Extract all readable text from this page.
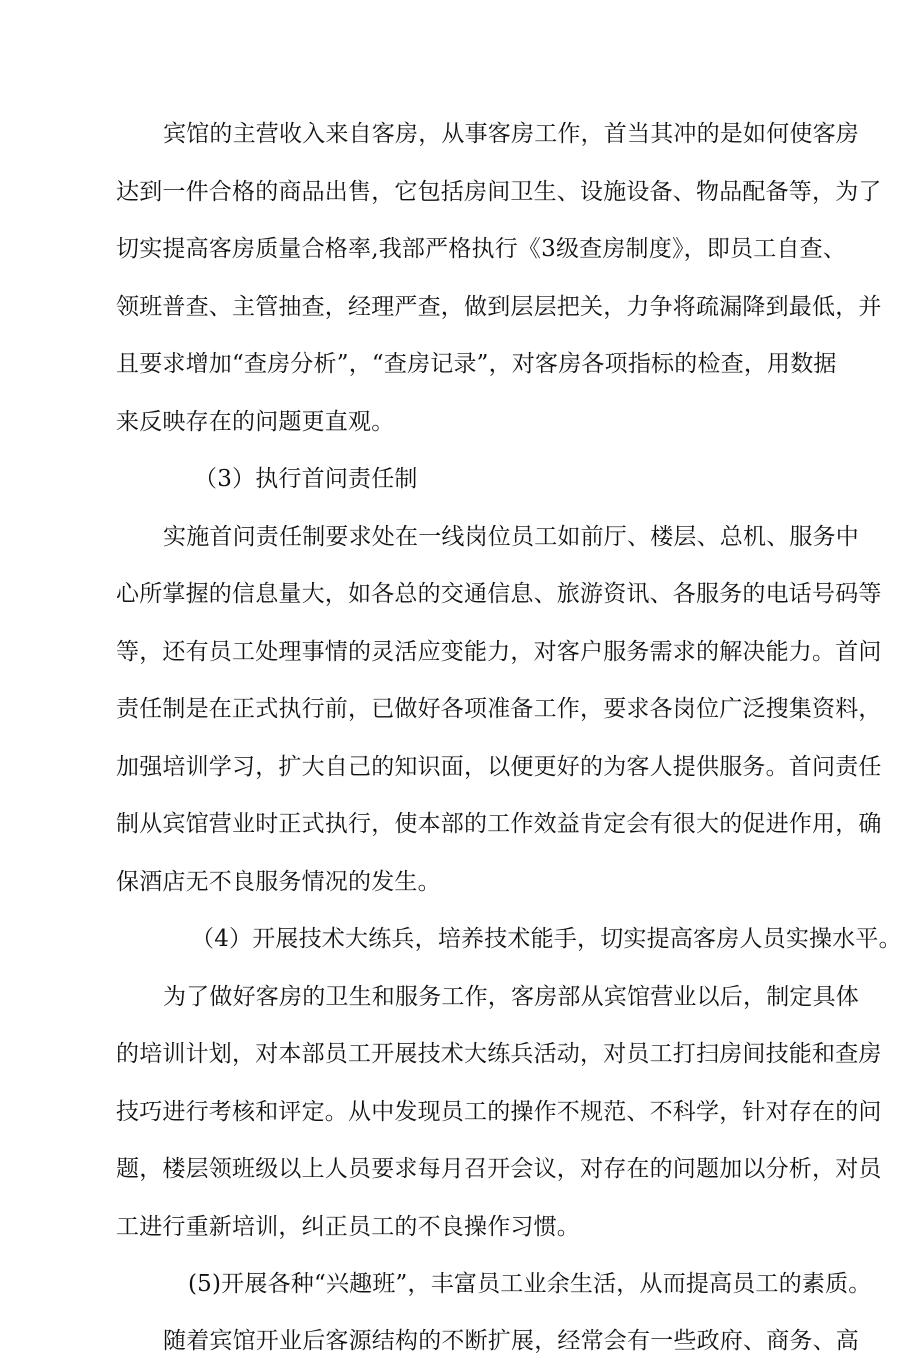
宾馆的主营收入来自客房，从事客房工作，首当其冲的是如何使客房
达到一件合格的商品出售，它包括房间卫生、设施设备、物品配备等，为了
切实提高客房质量合格率,我部严格执行《3级查房制度》，即员工自查、
领班普查、主管抽查，经理严查，做到层层把关，力争将疏漏降到最低，并
且要求增加“查房分析”，“查房记录”，对客房各项指标的检查，用数据
来反映存在的问题更直观。
（3）执行首问责任制
实施首问责任制要求处在一线岗位员工如前厅、楼层、总机、服务中
心所掌握的信息量大，如各总的交通信息、旅游资讯、各服务的电话号码等
等，还有员工处理事情的灵活应变能力，对客户服务需求的解决能力。首问
责任制是在正式执行前，已做好各项准备工作，要求各岗位广泛搜集资料，
加强培训学习，扩大自己的知识面，以便更好的为客人提供服务。首问责任
制从宾馆营业时正式执行，使本部的工作效益肯定会有很大的促进作用，确
保酒店无不良服务情况的发生。
（4）开展技术大练兵，培养技术能手，切实提高客房人员实操水平。
为了做好客房的卫生和服务工作，客房部从宾馆营业以后，制定具体
的培训计划，对本部员工开展技术大练兵活动，对员工打扫房间技能和查房
技巧进行考核和评定。从中发现员工的操作不规范、不科学，针对存在的问
题，楼层领班级以上人员要求每月召开会议，对存在的问题加以分析，对员
工进行重新培训，纠正员工的不良操作习惯。
(5)开展各种“兴趣班”，丰富员工业余生活，从而提高员工的素质。
随着宾馆开业后客源结构的不断扩展，经常会有一些政府、商务、高
